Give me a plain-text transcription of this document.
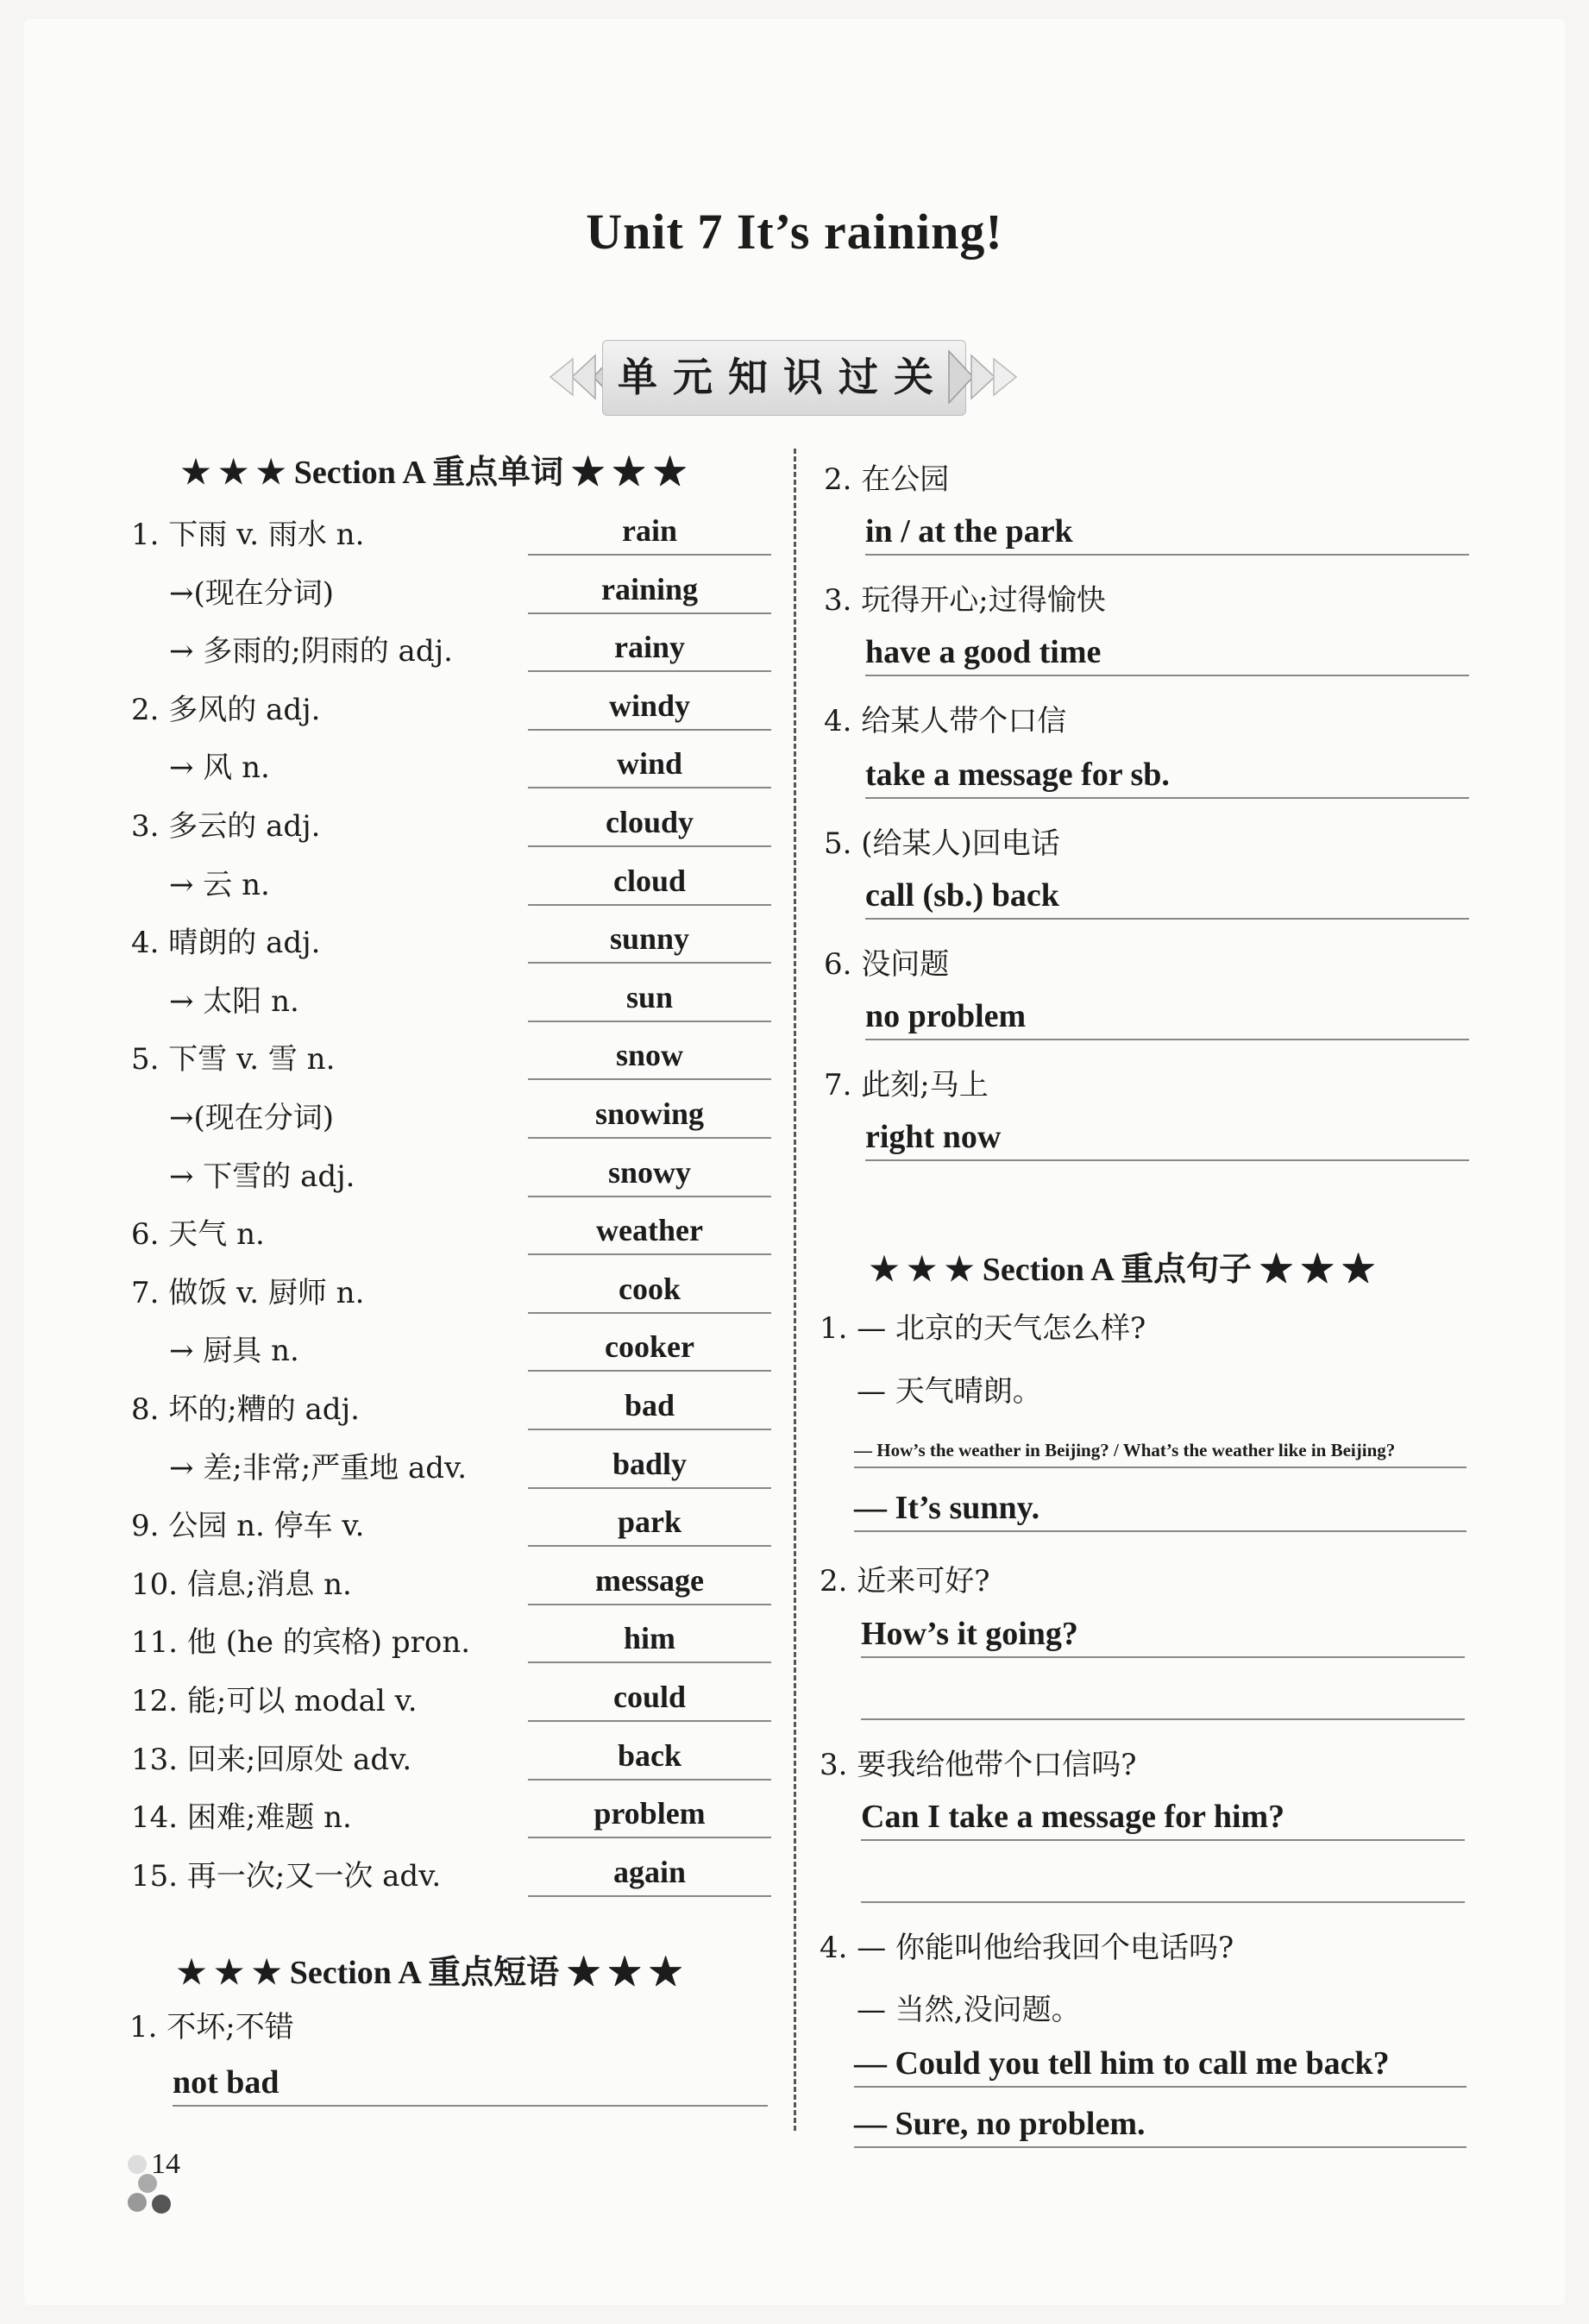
Unit 7 It’s raining!
单元知识过关
★ ★ ★ Section A 重点单词 ★ ★ ★
1. 下雨 v. 雨水 n.	rain
→(现在分词)	raining
→ 多雨的;阴雨的 adj.	rainy
2. 多风的 adj.	windy
→ 风 n.	wind
3. 多云的 adj.	cloudy
→ 云 n.	cloud
4. 晴朗的 adj.	sunny
→ 太阳 n.	sun
5. 下雪 v. 雪 n.	snow
→(现在分词)	snowing
→ 下雪的 adj.	snowy
6. 天气 n.	weather
7. 做饭 v. 厨师 n.	cook
→ 厨具 n.	cooker
8. 坏的;糟的 adj.	bad
→ 差;非常;严重地 adv.	badly
9. 公园 n. 停车 v.	park
10. 信息;消息 n.	message
11. 他 (he 的宾格) pron.	him
12. 能;可以 modal v.	could
13. 回来;回原处 adv.	back
14. 困难;难题 n.	problem
15. 再一次;又一次 adv.	again
★ ★ ★ Section A 重点短语 ★ ★ ★
1. 不坏;不错
not bad
2. 在公园
in / at the park
3. 玩得开心;过得愉快
have a good time
4. 给某人带个口信
take a message for sb.
5. (给某人)回电话
call (sb.) back
6. 没问题
no problem
7. 此刻;马上
right now
★ ★ ★ Section A 重点句子 ★ ★ ★
1. — 北京的天气怎么样?
— 天气晴朗。
— How’s the weather in Beijing? / What’s the weather like in Beijing?
— It’s sunny.
2. 近来可好?
How’s it going?
3. 要我给他带个口信吗?
Can I take a message for him?
4. — 你能叫他给我回个电话吗?
— 当然,没问题。
— Could you tell him to call me back?
— Sure, no problem.
14
